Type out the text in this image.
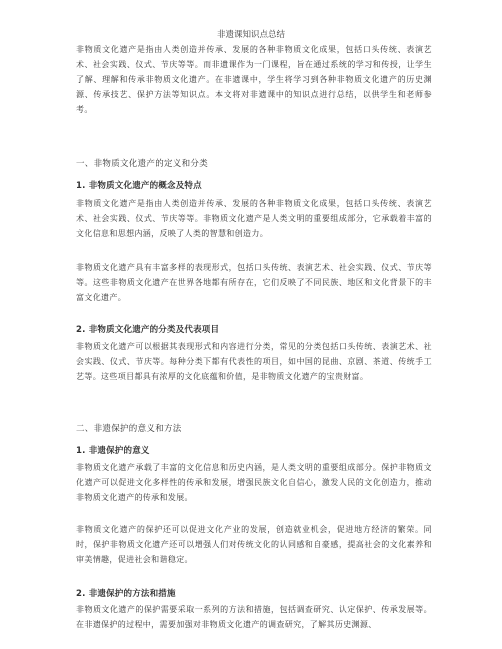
非遗课知识点总结

非物质文化遗产是指由人类创造并传承、发展的各种非物质文化成果，包括口头传统、表演艺术、社会实践、仪式、节庆等等。而非遗课作为一门课程，旨在通过系统的学习和传授，让学生了解、理解和传承非物质文化遗产。在非遗课中，学生将学习到各种非物质文化遗产的历史渊源、传承技艺、保护方法等知识点。本文将对非遗课中的知识点进行总结，以供学生和老师参考。

一、非物质文化遗产的定义和分类
1. 非物质文化遗产的概念及特点

非物质文化遗产是指由人类创造并传承、发展的各种非物质文化成果，包括口头传统、表演艺术、社会实践、仪式、节庆等等。非物质文化遗产是人类文明的重要组成部分，它承载着丰富的文化信息和思想内涵，反映了人类的智慧和创造力。

非物质文化遗产具有丰富多样的表现形式，包括口头传统、表演艺术、社会实践、仪式、节庆等等。这些非物质文化遗产在世界各地都有所存在，它们反映了不同民族、地区和文化背景下的丰富文化遗产。

2. 非物质文化遗产的分类及代表项目

非物质文化遗产可以根据其表现形式和内容进行分类，常见的分类包括口头传统、表演艺术、社会实践、仪式、节庆等。每种分类下都有代表性的项目，如中国的昆曲、京剧、茶道、传统手工艺等。这些项目都具有浓厚的文化底蕴和价值，是非物质文化遗产的宝贵财富。

二、非遗保护的意义和方法
1. 非遗保护的意义

非物质文化遗产承载了丰富的文化信息和历史内涵，是人类文明的重要组成部分。保护非物质文化遗产可以促进文化多样性的传承和发展，增强民族文化自信心，激发人民的文化创造力，推动非物质文化遗产的传承和发展。

非物质文化遗产的保护还可以促进文化产业的发展，创造就业机会，促进地方经济的繁荣。同时，保护非物质文化遗产还可以增强人们对传统文化的认同感和自豪感，提高社会的文化素养和审美情趣，促进社会和谐稳定。

2. 非遗保护的方法和措施

非物质文化遗产的保护需要采取一系列的方法和措施，包括调查研究、认定保护、传承发展等。在非遗保护的过程中，需要加强对非物质文化遗产的调查研究，了解其历史渊源、
